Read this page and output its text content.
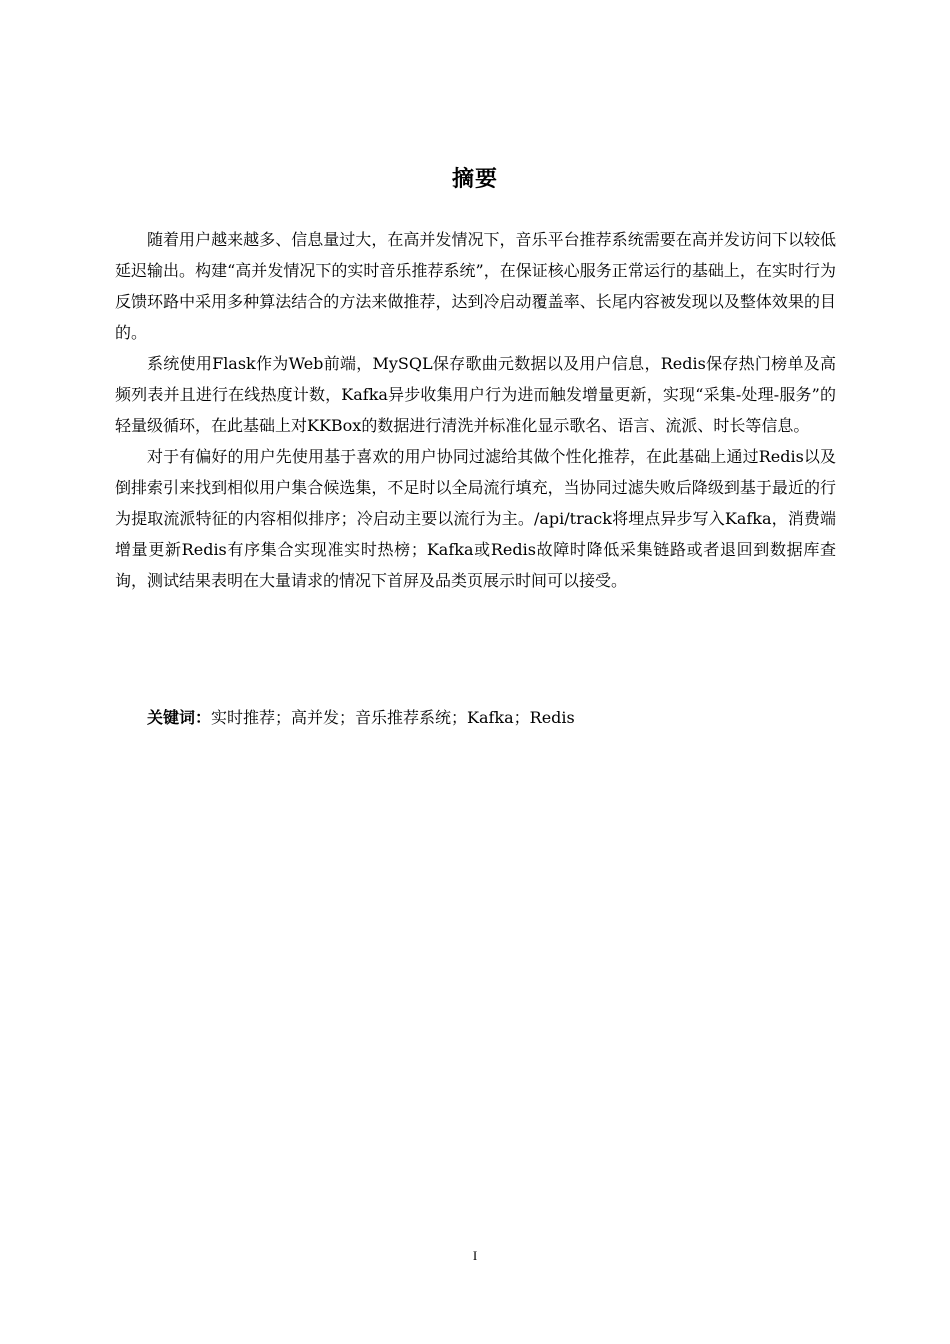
摘要

随着用户越来越多、信息量过大，在高并发情况下，音乐平台推荐系统需要在高并发访问下以较低延迟输出。构建“高并发情况下的实时音乐推荐系统”，在保证核心服务正常运行的基础上，在实时行为反馈环路中采用多种算法结合的方法来做推荐，达到冷启动覆盖率、长尾内容被发现以及整体效果的目的。

系统使用Flask作为Web前端，MySQL保存歌曲元数据以及用户信息，Redis保存热门榜单及高频列表并且进行在线热度计数，Kafka异步收集用户行为进而触发增量更新，实现“采集-处理-服务”的轻量级循环，在此基础上对KKBox的数据进行清洗并标准化显示歌名、语言、流派、时长等信息。

对于有偏好的用户先使用基于喜欢的用户协同过滤给其做个性化推荐，在此基础上通过Redis以及倒排索引来找到相似用户集合候选集，不足时以全局流行填充，当协同过滤失败后降级到基于最近的行为提取流派特征的内容相似排序；冷启动主要以流行为主。/api/track将埋点异步写入Kafka，消费端增量更新Redis有序集合实现准实时热榜；Kafka或Redis故障时降低采集链路或者退回到数据库查询，测试结果表明在大量请求的情况下首屏及品类页展示时间可以接受。

关键词：实时推荐；高并发；音乐推荐系统；Kafka；Redis
I
